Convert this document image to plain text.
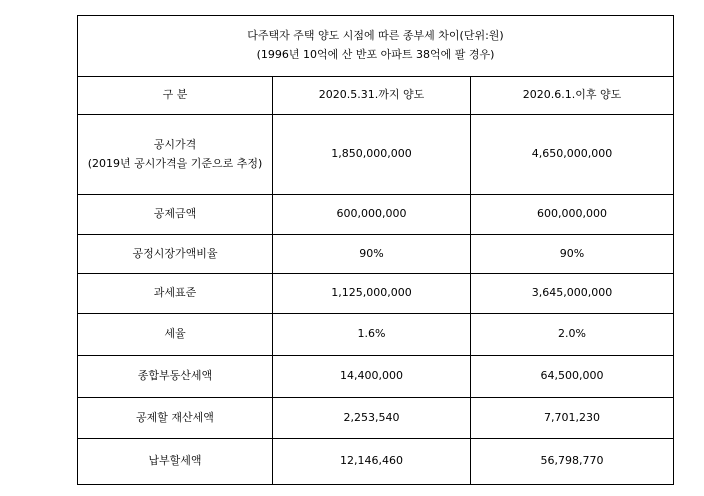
다주택자 주택 양도 시점에 따른 종부세 차이(단위:원)
(1996년 10억에 산 반포 아파트 38억에 팔 경우)		

구 분	2020.5.31.까지 양도	2020.6.1.이후 양도

공시가격
(2019년 공시가격을 기준으로 추정)	1,850,000,000	4,650,000,000
공제금액	600,000,000	600,000,000
공정시장가액비율	90%	90%
과세표준	1,125,000,000	3,645,000,000
세율	1.6%	2.0%
종합부동산세액	14,400,000	64,500,000
공제할 재산세액	2,253,540	7,701,230
납부할세액	12,146,460	56,798,770
